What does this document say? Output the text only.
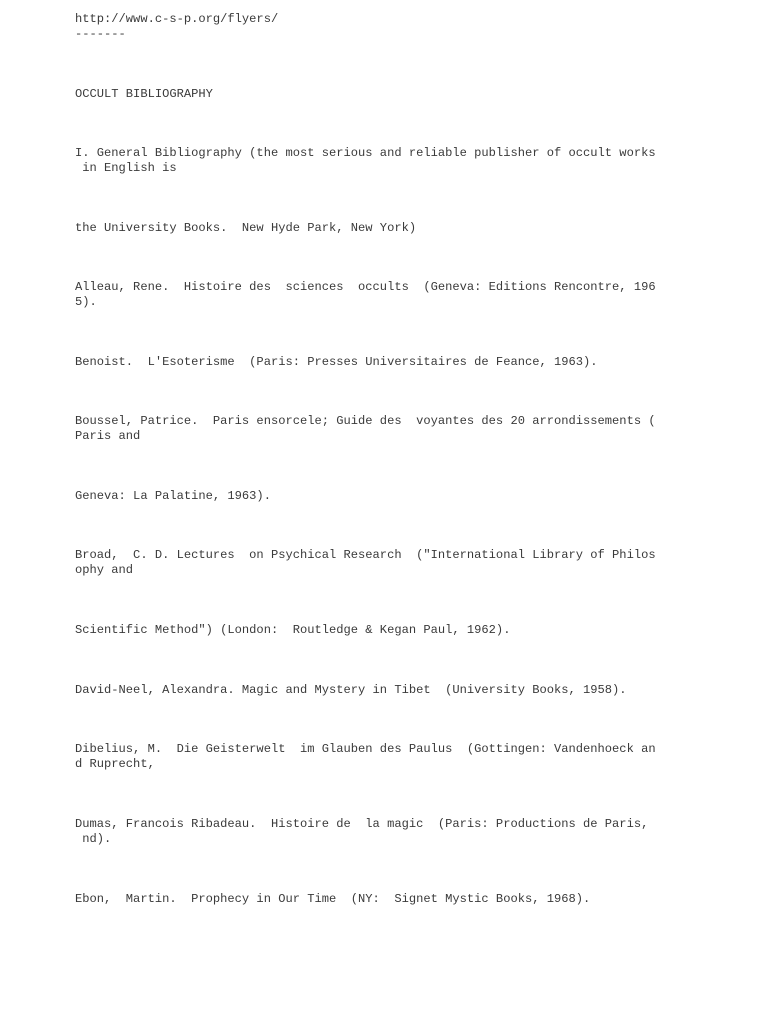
http://www.c-s-p.org/flyers/

-------

OCCULT BIBLIOGRAPHY

I. General Bibliography (the most serious and reliable publisher of occult works
in English is

the University Books.  New Hyde Park, New York)

Alleau, Rene.  Histoire des  sciences  occults  (Geneva: Editions Rencontre, 196
5).

Benoist.  L'Esoterisme  (Paris: Presses Universitaires de Feance, 1963).

Boussel, Patrice.  Paris ensorcele; Guide des  voyantes des 20 arrondissements (
Paris and

Geneva: La Palatine, 1963).

Broad,  C. D. Lectures  on Psychical Research  ("International Library of Philos
ophy and

Scientific Method") (London:  Routledge & Kegan Paul, 1962).

David-Neel, Alexandra. Magic and Mystery in Tibet  (University Books, 1958).

Dibelius, M.  Die Geisterwelt  im Glauben des Paulus  (Gottingen: Vandenhoeck an
d Ruprecht,

Dumas, Francois Ribadeau.  Histoire de  la magic  (Paris: Productions de Paris,
nd).

Ebon,  Martin.  Prophecy in Our Time  (NY:  Signet Mystic Books, 1968).
